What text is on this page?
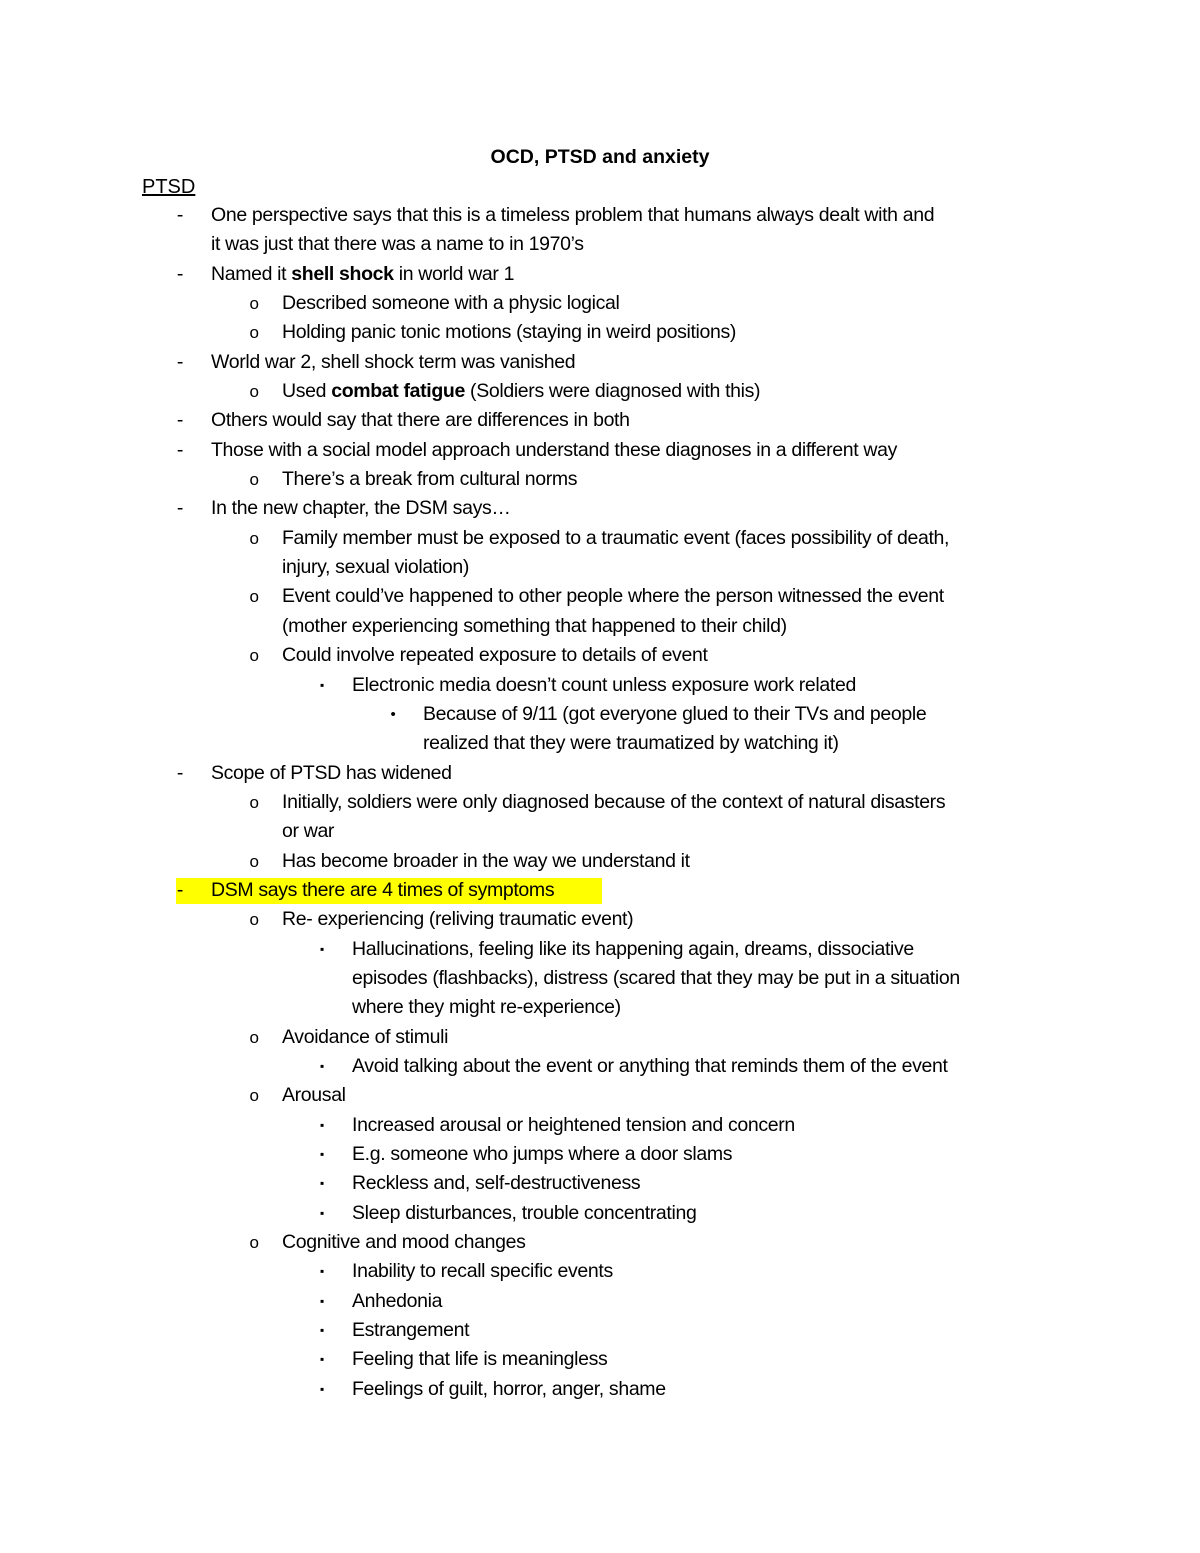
OCD, PTSD and anxiety
PTSD
-	One perspective says that this is a timeless problem that humans always dealt with and
it was just that there was a name to in 1970’s
-	Named it shell shock in world war 1
o Described someone with a physic logical
o Holding panic tonic motions (staying in weird positions)
-	World war 2, shell shock term was vanished
o Used combat fatigue (Soldiers were diagnosed with this)
-	Others would say that there are differences in both
-	Those with a social model approach understand these diagnoses in a different way
o There’s a break from cultural norms
-	In the new chapter, the DSM says…
o Family member must be exposed to a traumatic event (faces possibility of death,
injury, sexual violation)
o Event could’ve happened to other people where the person witnessed the event
(mother experiencing something that happened to their child)
o Could involve repeated exposure to details of event
▪	Electronic media doesn’t count unless exposure work related
•	Because of 9/11 (got everyone glued to their TVs and people
realized that they were traumatized by watching it)
-	Scope of PTSD has widened
o Initially, soldiers were only diagnosed because of the context of natural disasters
or war
o Has become broader in the way we understand it
-	DSM says there are 4 times of symptoms
o Re- experiencing (reliving traumatic event)
▪	Hallucinations, feeling like its happening again, dreams, dissociative
episodes (flashbacks), distress (scared that they may be put in a situation
where they might re-experience)
o Avoidance of stimuli
▪	Avoid talking about the event or anything that reminds them of the event
o Arousal
▪	Increased arousal or heightened tension and concern
▪	E.g. someone who jumps where a door slams
▪	Reckless and, self-destructiveness
▪	Sleep disturbances, trouble concentrating
o Cognitive and mood changes
▪	Inability to recall specific events
▪	Anhedonia
▪	Estrangement
▪	Feeling that life is meaningless
▪	Feelings of guilt, horror, anger, shame
